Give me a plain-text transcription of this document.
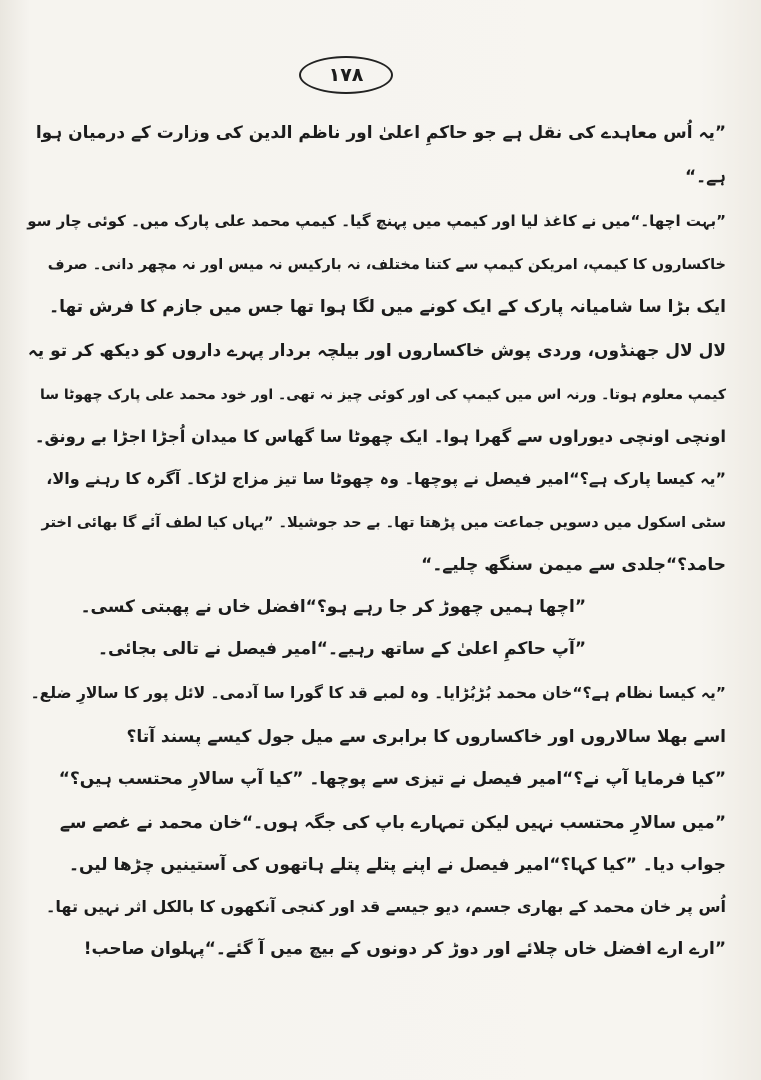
۱۷۸
”یہ اُس معاہدے کی نقل ہے جو حاکمِ اعلیٰ اور ناظم الدین کی وزارت کے درمیان ہوا
ہے۔“
”بہت اچھا۔“میں نے کاغذ لیا اور کیمپ میں پہنچ گیا۔ کیمپ محمد علی پارک میں۔ کوئی چار سو
خاکساروں کا کیمپ، امریکن کیمپ سے کتنا مختلف، نہ بارکیس نہ میس اور نہ مچھر دانی۔ صرف
ایک بڑا سا شامیانہ پارک کے ایک کونے میں لگا ہوا تھا جس میں جازم کا فرش تھا۔
لال لال جھنڈوں، وردی پوش خاکساروں اور بیلچہ بردار پہرے داروں کو دیکھ کر تو یہ
کیمپ معلوم ہوتا۔ ورنہ اس میں کیمپ کی اور کوئی چیز نہ تھی۔ اور خود محمد علی پارک چھوٹا سا
اونچی اونچی دیوراوں سے گھرا ہوا۔ ایک چھوٹا سا گھاس کا میدان اُجڑا اجڑا بے رونق۔
”یہ کیسا پارک ہے؟“امیر فیصل نے پوچھا۔ وہ چھوٹا سا تیز مزاج لڑکا۔ آگرہ کا رہنے والا،
سٹی اسکول میں دسویں جماعت میں پڑھتا تھا۔ بے حد جوشیلا۔ ”یہاں کیا لطف آئے گا بھائی اختر
حامد؟“جلدی سے میمن سنگھ چلیے۔“
”اچھا ہمیں چھوڑ کر جا رہے ہو؟“افضل خاں نے پھبتی کسی۔
”آپ حاکمِ اعلیٰ کے ساتھ رہیے۔“امیر فیصل نے تالی بجائی۔
”یہ کیسا نظام ہے؟“خان محمد بُڑبُڑایا۔ وہ لمبے قد کا گورا سا آدمی۔ لائل پور کا سالارِ ضلع۔
اسے بھلا سالاروں اور خاکساروں کا برابری سے میل جول کیسے پسند آتا؟
”کیا فرمایا آپ نے؟“امیر فیصل نے تیزی سے پوچھا۔ ”کیا آپ سالارِ محتسب ہیں؟“
”میں سالارِ محتسب نہیں لیکن تمہارے باپ کی جگہ ہوں۔“خان محمد نے غصے سے
جواب دیا۔ ”کیا کہا؟“امیر فیصل نے اپنے پتلے پتلے ہاتھوں کی آستینیں چڑھا لیں۔
اُس پر خان محمد کے بھاری جسم، دیو جیسے قد اور کنجی آنکھوں کا بالکل اثر نہیں تھا۔
”ارے ارے افضل خاں چلائے اور دوڑ کر دونوں کے بیچ میں آ گئے۔“پہلوان صاحب!
